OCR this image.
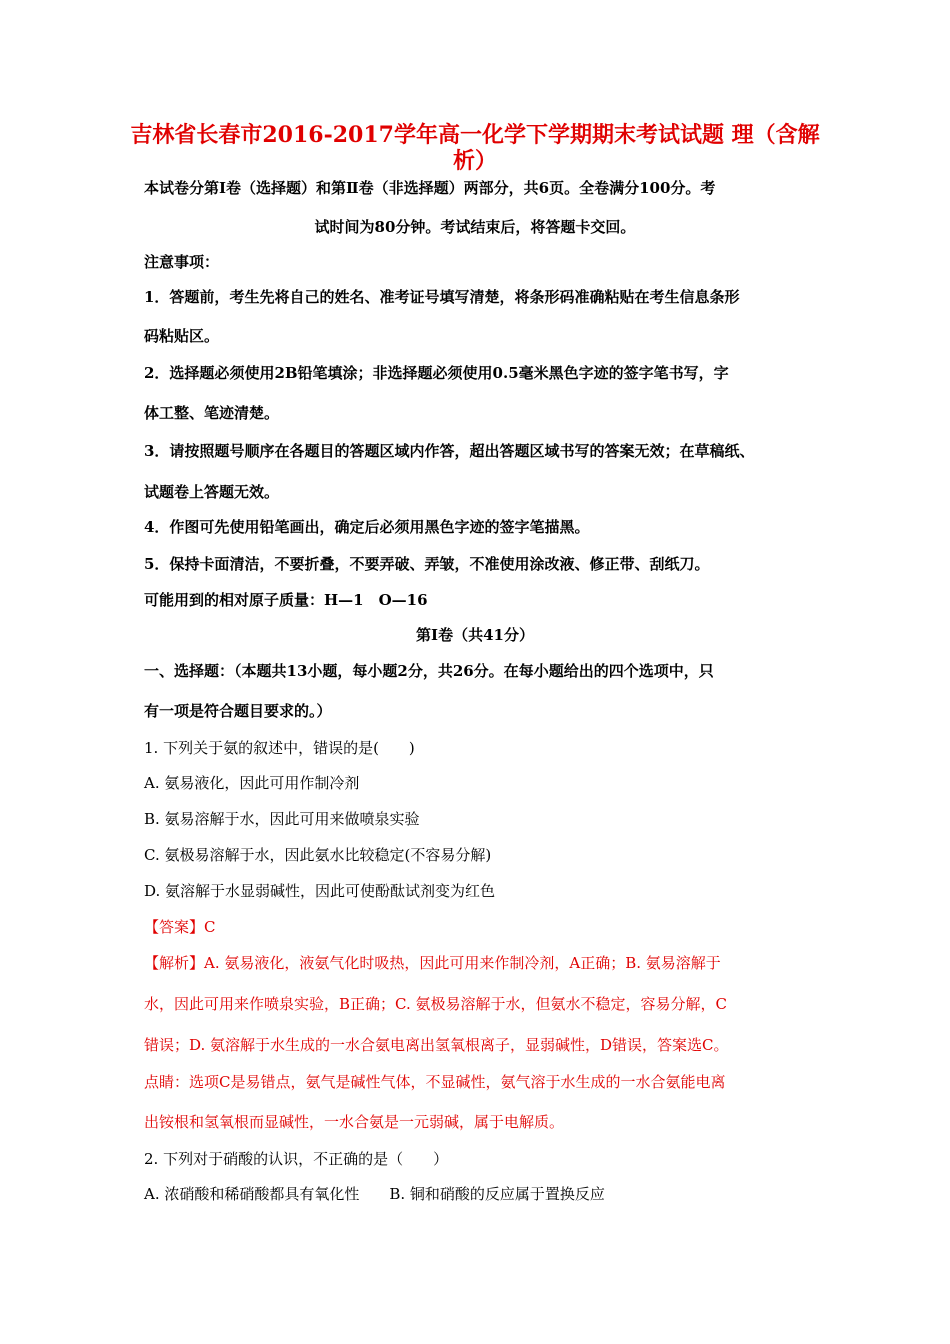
吉林省长春市2016-2017学年高一化学下学期期末考试试题 理（含解析）
本试卷分第Ⅰ卷（选择题）和第Ⅱ卷（非选择题）两部分，共6页。全卷满分100分。考
试时间为80分钟。考试结束后，将答题卡交回。
注意事项：
1．答题前，考生先将自己的姓名、准考证号填写清楚，将条形码准确粘贴在考生信息条形
码粘贴区。
2．选择题必须使用2B铅笔填涂；非选择题必须使用0.5毫米黑色字迹的签字笔书写，字
体工整、笔迹清楚。
3．请按照题号顺序在各题目的答题区域内作答，超出答题区域书写的答案无效；在草稿纸、
试题卷上答题无效。
4．作图可先使用铅笔画出，确定后必须用黑色字迹的签字笔描黑。
5．保持卡面清洁，不要折叠，不要弄破、弄皱，不准使用涂改液、修正带、刮纸刀。
可能用到的相对原子质量：H—1　O—16
第Ⅰ卷（共41分）
一、选择题：（本题共13小题，每小题2分，共26分。在每小题给出的四个选项中，只
有一项是符合题目要求的。）
1. 下列关于氨的叙述中，错误的是(　　)
A. 氨易液化，因此可用作制冷剂
B. 氨易溶解于水，因此可用来做喷泉实验
C. 氨极易溶解于水，因此氨水比较稳定(不容易分解)
D. 氨溶解于水显弱碱性，因此可使酚酞试剂变为红色
【答案】C
【解析】A. 氨易液化，液氨气化时吸热，因此可用来作制冷剂，A正确；B. 氨易溶解于
水，因此可用来作喷泉实验，B正确；C. 氨极易溶解于水，但氨水不稳定，容易分解，C
错误；D. 氨溶解于水生成的一水合氨电离出氢氧根离子，显弱碱性，D错误，答案选C。
点睛：选项C是易错点，氨气是碱性气体，不显碱性，氨气溶于水生成的一水合氨能电离
出铵根和氢氧根而显碱性，一水合氨是一元弱碱，属于电解质。
2. 下列对于硝酸的认识，不正确的是（　　）
A. 浓硝酸和稀硝酸都具有氧化性　　B. 铜和硝酸的反应属于置换反应
